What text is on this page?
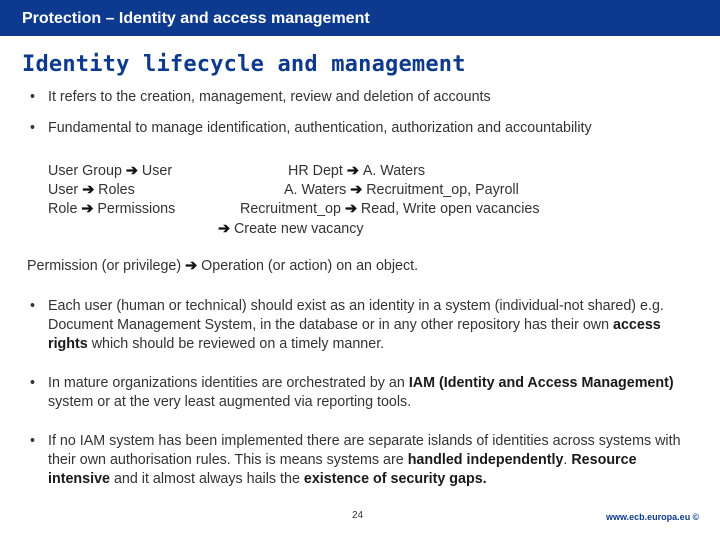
Protection – Identity and access management
Identity lifecycle and management
• It refers to the creation, management, review and deletion of accounts
• Fundamental to manage identification, authentication, authorization and accountability
User Group ➔ User
User ➔ Roles
Role ➔ Permissions
HR Dept ➔ A. Waters
A. Waters ➔ Recruitment_op, Payroll
Recruitment_op ➔ Read, Write open vacancies
➔ Create new vacancy
Permission (or privilege) ➔ Operation (or action) on an object.
• Each user (human or technical) should exist as an identity in a system (individual-not shared) e.g. Document Management System, in the database or in any other repository has their own access rights which should be reviewed on a timely manner.
• In mature organizations identities are orchestrated by an IAM (Identity and Access Management) system or at the very least augmented via reporting tools.
• If no IAM system has been implemented there are separate islands of identities across systems with their own authorisation rules. This is means systems are handled independently. Resource intensive and it almost always hails the existence of security gaps.
24	www.ecb.europa.eu ©
